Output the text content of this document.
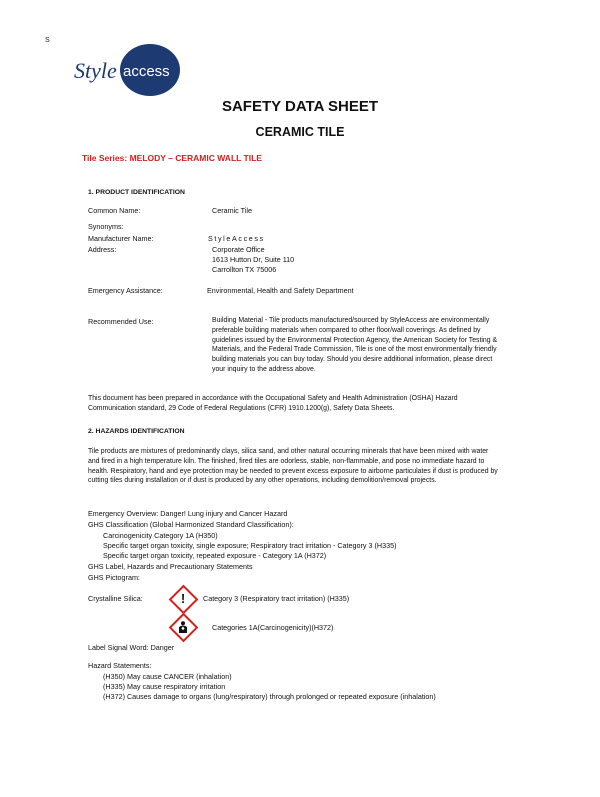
S
Style access
SAFETY DATA SHEET
CERAMIC TILE
Tile Series: MELODY – CERAMIC WALL TILE
1. PRODUCT IDENTIFICATION
Common Name:	Ceramic Tile
Synonyms:
Manufacturer Name:	StyleAccess
Address:	Corporate Office
1613 Hutton Dr, Suite 110
Carrollton TX 75006
Emergency Assistance:	Environmental, Health and Safety Department
Recommended Use:	Building Material - Tile products manufactured/sourced by StyleAccess are environmentally
preferable building materials when compared to other floor/wall coverings. As defined by
guidelines issued by the Environmental Protection Agency, the American Society for Testing &
Materials, and the Federal Trade Commission, Tile is one of the most environmentally friendly
building materials you can buy today. Should you desire additional information, please direct
your inquiry to the address above.
This document has been prepared in accordance with the Occupational Safety and Health Administration (OSHA) Hazard
Communication standard, 29 Code of Federal Regulations (CFR) 1910.1200(g), Safety Data Sheets.
2. HAZARDS IDENTIFICATION
Tile products are mixtures of predominantly clays, silica sand, and other natural occurring minerals that have been mixed with water
and fired in a high temperature kiln. The finished, fired tiles are odorless, stable, non-flammable, and pose no immediate hazard to
health. Respiratory, hand and eye protection may be needed to prevent excess exposure to airborne particulates if dust is produced by
cutting tiles during installation or if dust is produced by any other operations, including demolition/removal projects.
Emergency Overview: Danger! Lung injury and Cancer Hazard
GHS Classification (Global Harmonized Standard Classification):
Carcinogenicity Category 1A (H350)
Specific target organ toxicity, single exposure; Respiratory tract irritation - Category 3 (H335)
Specific target organ toxicity, repeated exposure - Category 1A (H372)
GHS Label, Hazards and Precautionary Statements
GHS Pictogram:
Crystalline Silica:	!	Category 3 (Respiratory tract irritation) (H335)
Categories 1A(Carcinogenicity)(H372)
Label Signal Word: Danger
Hazard Statements:
(H350) May cause CANCER (inhalation)
(H335) May cause respiratory irritation
(H372) Causes damage to organs (lung/respiratory) through prolonged or repeated exposure (inhalation)
